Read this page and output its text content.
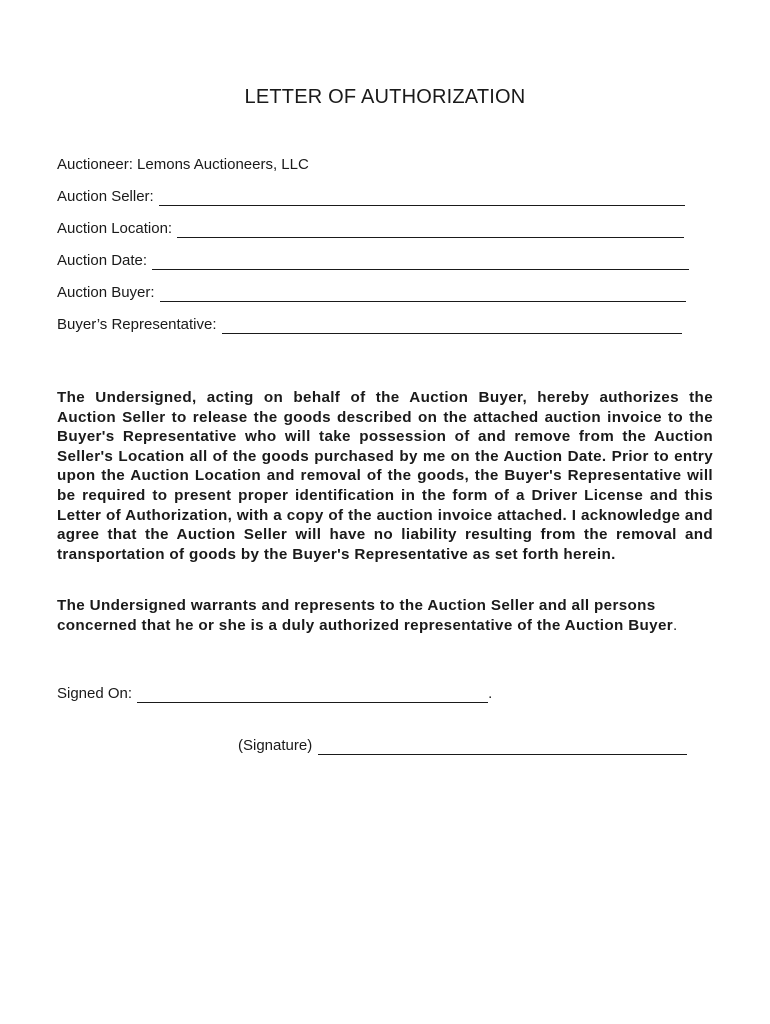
LETTER OF AUTHORIZATION
Auctioneer: Lemons Auctioneers, LLC
Auction Seller:
Auction Location:
Auction Date:
Auction Buyer:
Buyer’s Representative:
The Undersigned, acting on behalf of the Auction Buyer, hereby authorizes the Auction Seller to release the goods described on the attached auction invoice to the Buyer's Representative who will take possession of and remove from the Auction Seller's Location all of the goods purchased by me on the Auction Date. Prior to entry upon the Auction Location and removal of the goods, the Buyer's Representative will be required to present proper identification in the form of a Driver License and this Letter of Authorization, with a copy of the auction invoice attached. I acknowledge and agree that the Auction Seller will have no liability resulting from the removal and transportation of goods by the Buyer's Representative as set forth herein.
The Undersigned warrants and represents to the Auction Seller and all persons concerned that he or she is a duly authorized representative of the Auction Buyer.
Signed On:	.
(Signature)
